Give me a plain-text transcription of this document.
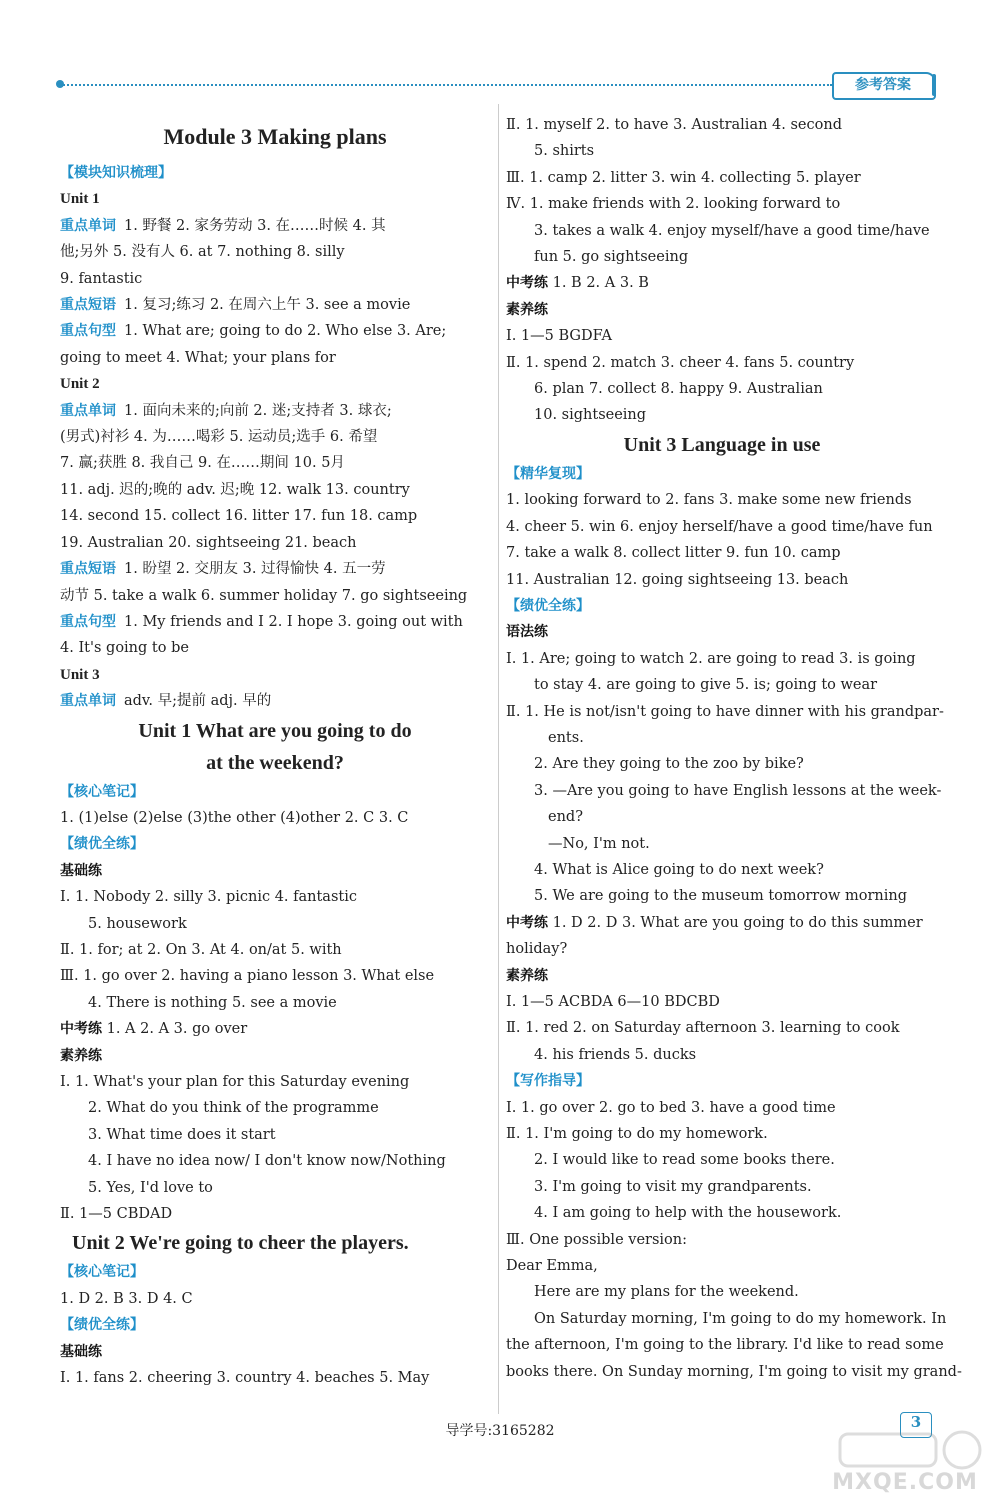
参考答案
Module 3 Making plans
【模块知识梳理】
Unit 1
重点单词 1. 野餐 2. 家务劳动 3. 在……时候 4. 其
他;另外 5. 没有人 6. at 7. nothing 8. silly
9. fantastic
重点短语 1. 复习;练习 2. 在周六上午 3. see a movie
重点句型 1. What are; going to do 2. Who else 3. Are;
going to meet 4. What; your plans for
Unit 2
重点单词 1. 面向未来的;向前 2. 迷;支持者 3. 球衣;
(男式)衬衫 4. 为……喝彩 5. 运动员;选手 6. 希望
7. 赢;获胜 8. 我自己 9. 在……期间 10. 5月
11. adj. 迟的;晚的 adv. 迟;晚 12. walk 13. country
14. second 15. collect 16. litter 17. fun 18. camp
19. Australian 20. sightseeing 21. beach
重点短语 1. 盼望 2. 交朋友 3. 过得愉快 4. 五一劳
动节 5. take a walk 6. summer holiday 7. go sightseeing
重点句型 1. My friends and I 2. I hope 3. going out with
4. It's going to be
Unit 3
重点单词 adv. 早;提前 adj. 早的
Unit 1 What are you going to do
at the weekend?
【核心笔记】
1. (1)else (2)else (3)the other (4)other 2. C 3. C
【绩优全练】
基础练
Ⅰ. 1. Nobody 2. silly 3. picnic 4. fantastic
5. housework
Ⅱ. 1. for; at 2. On 3. At 4. on/at 5. with
Ⅲ. 1. go over 2. having a piano lesson 3. What else
4. There is nothing 5. see a movie
中考练 1. A 2. A 3. go over
素养练
Ⅰ. 1. What's your plan for this Saturday evening
2. What do you think of the programme
3. What time does it start
4. I have no idea now/ I don't know now/Nothing
5. Yes, I'd love to
Ⅱ. 1—5 CBDAD
Unit 2 We're going to cheer the players.
【核心笔记】
1. D 2. B 3. D 4. C
【绩优全练】
基础练
Ⅰ. 1. fans 2. cheering 3. country 4. beaches 5. May
Ⅱ. 1. myself 2. to have 3. Australian 4. second
5. shirts
Ⅲ. 1. camp 2. litter 3. win 4. collecting 5. player
Ⅳ. 1. make friends with 2. looking forward to
3. takes a walk 4. enjoy myself/have a good time/have
fun 5. go sightseeing
中考练 1. B 2. A 3. B
素养练
Ⅰ. 1—5 BGDFA
Ⅱ. 1. spend 2. match 3. cheer 4. fans 5. country
6. plan 7. collect 8. happy 9. Australian
10. sightseeing
Unit 3 Language in use
【精华复现】
1. looking forward to 2. fans 3. make some new friends
4. cheer 5. win 6. enjoy herself/have a good time/have fun
7. take a walk 8. collect litter 9. fun 10. camp
11. Australian 12. going sightseeing 13. beach
【绩优全练】
语法练
Ⅰ. 1. Are; going to watch 2. are going to read 3. is going
to stay 4. are going to give 5. is; going to wear
Ⅱ. 1. He is not/isn't going to have dinner with his grandpar-
ents.
2. Are they going to the zoo by bike?
3. —Are you going to have English lessons at the week-
end?
—No, I'm not.
4. What is Alice going to do next week?
5. We are going to the museum tomorrow morning
中考练 1. D 2. D 3. What are you going to do this summer
holiday?
素养练
Ⅰ. 1—5 ACBDA 6—10 BDCBD
Ⅱ. 1. red 2. on Saturday afternoon 3. learning to cook
4. his friends 5. ducks
【写作指导】
Ⅰ. 1. go over 2. go to bed 3. have a good time
Ⅱ. 1. I'm going to do my homework.
2. I would like to read some books there.
3. I'm going to visit my grandparents.
4. I am going to help with the housework.
Ⅲ. One possible version:
Dear Emma,
Here are my plans for the weekend.
On Saturday morning, I'm going to do my homework. In
the afternoon, I'm going to the library. I'd like to read some
books there. On Sunday morning, I'm going to visit my grand-
导学号:3165282	3
MXQE.COM
